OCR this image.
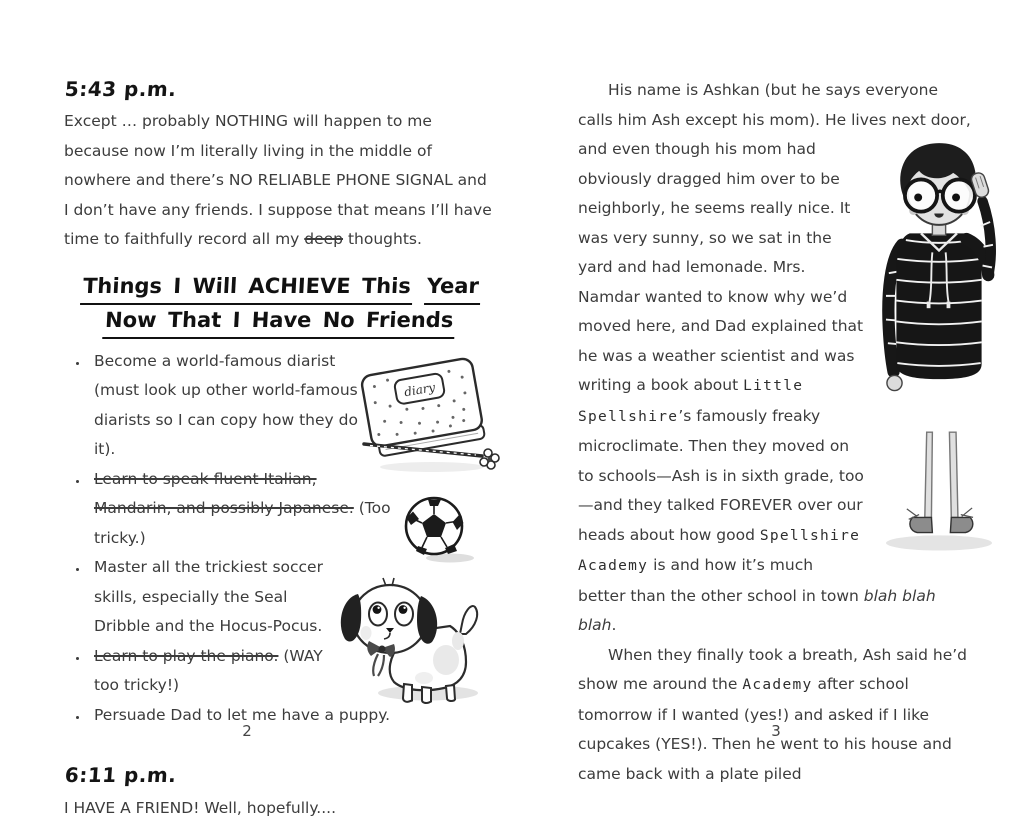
5:43 p.m.

Except … probably NOTHING will happen to me because now I’m literally living in the middle of nowhere and there’s NO RELIABLE PHONE SIGNAL and I don’t have any friends. I suppose that means I’ll have time to faithfully record all my deep thoughts.

Things I Will ACHIEVE This Year
Now That I Have No Friends
• Become a world-famous diarist (must look up other world-famous diarists so I can copy how they do it).
• Learn to speak fluent Italian, Mandarin, and possibly Japanese. (Too tricky.)
• Master all the trickiest soccer skills, especially the Seal Dribble and the Hocus-Pocus.
• Learn to play the piano. (WAY too tricky!)
• Persuade Dad to let me have a puppy.
6:11 p.m.

I HAVE A FRIEND! Well, hopefully....

diary
2

His name is Ashkan (but he says everyone calls him Ash except his mom). He lives next door,
and even though his mom had obviously dragged him over to be neighborly, he seems really nice. It was very sunny, so we sat in the yard and had lemonade. Mrs. Namdar wanted to know why we’d moved here, and Dad explained that he was a weather scientist and was writing a book about Little Spellshire’s famously freaky microclimate. Then they moved on to schools—Ash is in sixth grade, too—and they talked FOREVER over our heads about how good Spellshire Academy is and how it’s much better than the other school in town blah blah blah.

When they finally took a breath, Ash said he’d show me around the Academy after school tomorrow if I wanted (yes!) and asked if I like cupcakes (YES!). Then he went to his house and came back with a plate piled

3
